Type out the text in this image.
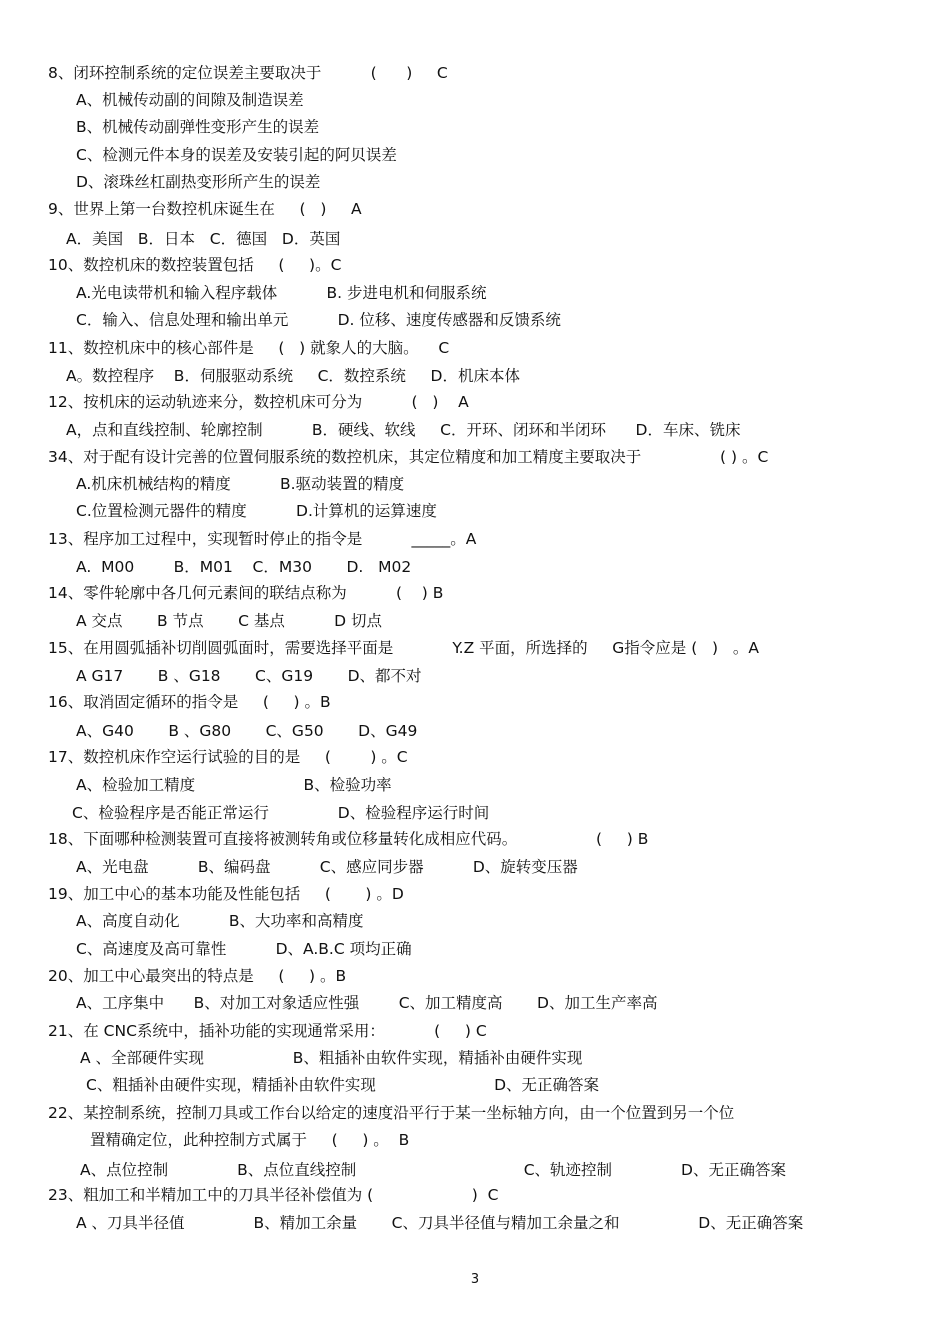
8、闭环控制系统的定位误差主要取决于          (      )     C
A、机械传动副的间隙及制造误差
B、机械传动副弹性变形产生的误差
C、检测元件本身的误差及安装引起的阿贝误差
D、滚珠丝杠副热变形所产生的误差
9、世界上第一台数控机床诞生在     (   )     A
A．美国   B．日本   C．德国   D．英国
10、数控机床的数控装置包括     (     )。C
A.光电读带机和输入程序载体          B. 步进电机和伺服系统
C．输入、信息处理和输出单元          D. 位移、速度传感器和反馈系统
11、数控机床中的核心部件是     (   ) 就象人的大脑。    C
A。数控程序    B．伺服驱动系统     C．数控系统     D．机床本体
12、按机床的运动轨迹来分，数控机床可分为          (   )    A
A，点和直线控制、轮廓控制          B．硬线、软线     C．开环、闭环和半闭环      D．车床、铣床
34、对于配有设计完善的位置伺服系统的数控机床，其定位精度和加工精度主要取决于                ( ) 。C
A.机床机械结构的精度          B.驱动装置的精度
C.位置检测元器件的精度          D.计算机的运算速度
13、程序加工过程中，实现暂时停止的指令是          _____。A
A.  M00        B．M01    C．M30       D.   M02
14、零件轮廓中各几何元素间的联结点称为          (    ) B
A 交点       B 节点       C 基点          D 切点
15、在用圆弧插补切削圆弧面时，需要选择平面是            Y.Z 平面，所选择的     G指令应是 (   )   。A
A G17       B 、G18       C、G19       D、都不对
16、取消固定循环的指令是     (     ) 。B
A、G40       B 、G80       C、G50       D、G49
17、数控机床作空运行试验的目的是     (        ) 。C
A、检验加工精度                      B、检验功率
C、检验程序是否能正常运行              D、检验程序运行时间
18、下面哪种检测装置可直接将被测转角或位移量转化成相应代码。                (     ) B
A、光电盘          B、编码盘          C、感应同步器          D、旋转变压器
19、加工中心的基本功能及性能包括     (       ) 。D
A、高度自动化          B、大功率和高精度
C、高速度及高可靠性          D、A.B.C 项均正确
20、加工中心最突出的特点是     (     ) 。B
A、工序集中      B、对加工对象适应性强        C、加工精度高       D、加工生产率高
21、在 CNC系统中，插补功能的实现通常采用：          (     ) C
A 、全部硬件实现                  B、粗插补由软件实现，精插补由硬件实现
C、粗插补由硬件实现，精插补由软件实现                        D、无正确答案
22、某控制系统，控制刀具或工作台以给定的速度沿平行于某一坐标轴方向，由一个位置到另一个位
置精确定位，此种控制方式属于     (     ) 。  B
A、点位控制              B、点位直线控制                                  C、轨迹控制              D、无正确答案
23、粗加工和半精加工中的刀具半径补偿值为 (                    )  C
A 、刀具半径值              B、精加工余量       C、刀具半径值与精加工余量之和                D、无正确答案
3
